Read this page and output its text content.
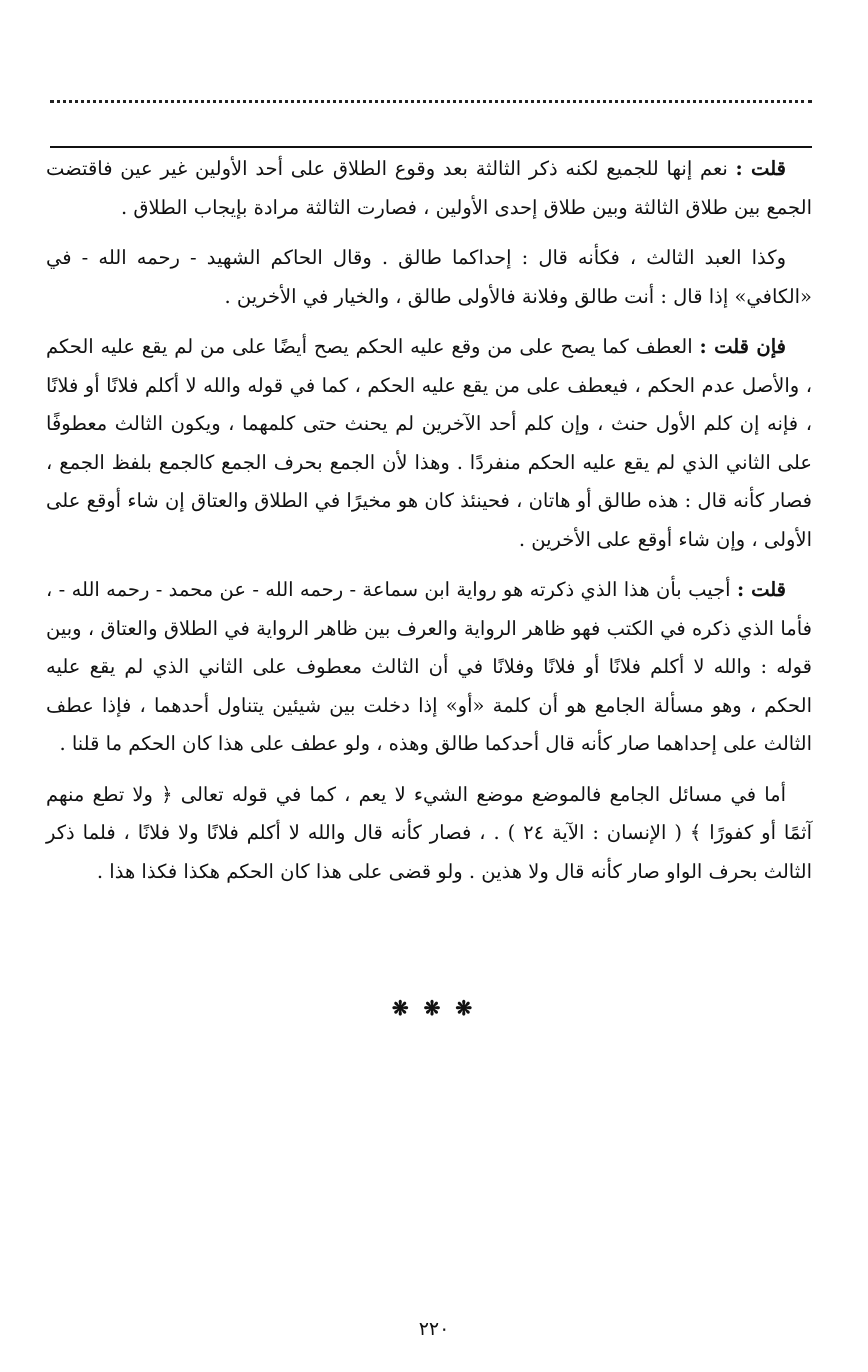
قلت : نعم إنها للجميع لكنه ذكر الثالثة بعد وقوع الطلاق على أحد الأولين غير عين فاقتضت الجمع بين طلاق الثالثة وبين طلاق إحدى الأولين ، فصارت الثالثة مرادة بإيجاب الطلاق .

وكذا العبد الثالث ، فكأنه قال : إحداكما طالق . وقال الحاكم الشهيد - رحمه الله - في «الكافي» إذا قال : أنت طالق وفلانة فالأولى طالق ، والخيار في الأخرين .

فإن قلت : العطف كما يصح على من وقع عليه الحكم يصح أيضًا على من لم يقع عليه الحكم ، والأصل عدم الحكم ، فيعطف على من يقع عليه الحكم ، كما في قوله والله لا أكلم فلانًا أو فلانًا ، فإنه إن كلم الأول حنث ، وإن كلم أحد الآخرين لم يحنث حتى كلمهما ، ويكون الثالث معطوفًا على الثاني الذي لم يقع عليه الحكم منفردًا . وهذا لأن الجمع بحرف الجمع كالجمع بلفظ الجمع ، فصار كأنه قال : هذه طالق أو هاتان ، فحينئذ كان هو مخيرًا في الطلاق والعتاق إن شاء أوقع على الأولى ، وإن شاء أوقع على الأخرين .

قلت : أجيب بأن هذا الذي ذكرته هو رواية ابن سماعة - رحمه الله - عن محمد - رحمه الله - ، فأما الذي ذكره في الكتب فهو ظاهر الرواية والعرف بين ظاهر الرواية في الطلاق والعتاق ، وبين قوله : والله لا أكلم فلانًا أو فلانًا وفلانًا في أن الثالث معطوف على الثاني الذي لم يقع عليه الحكم ، وهو مسألة الجامع هو أن كلمة «أو» إذا دخلت بين شيئين يتناول أحدهما ، فإذا عطف الثالث على إحداهما صار كأنه قال أحدكما طالق وهذه ، ولو عطف على هذا كان الحكم ما قلنا .

أما في مسائل الجامع فالموضع موضع الشيء لا يعم ، كما في قوله تعالى ﴿ ولا تطع منهم آثمًا أو كفورًا ﴾ ( الإنسان : الآية ٢٤ ) . ، فصار كأنه قال والله لا أكلم فلانًا ولا فلانًا ، فلما ذكر الثالث بحرف الواو صار كأنه قال ولا هذين . ولو قضى على هذا كان الحكم هكذا فكذا هذا .

❋ ❋ ❋
٢٢٠
